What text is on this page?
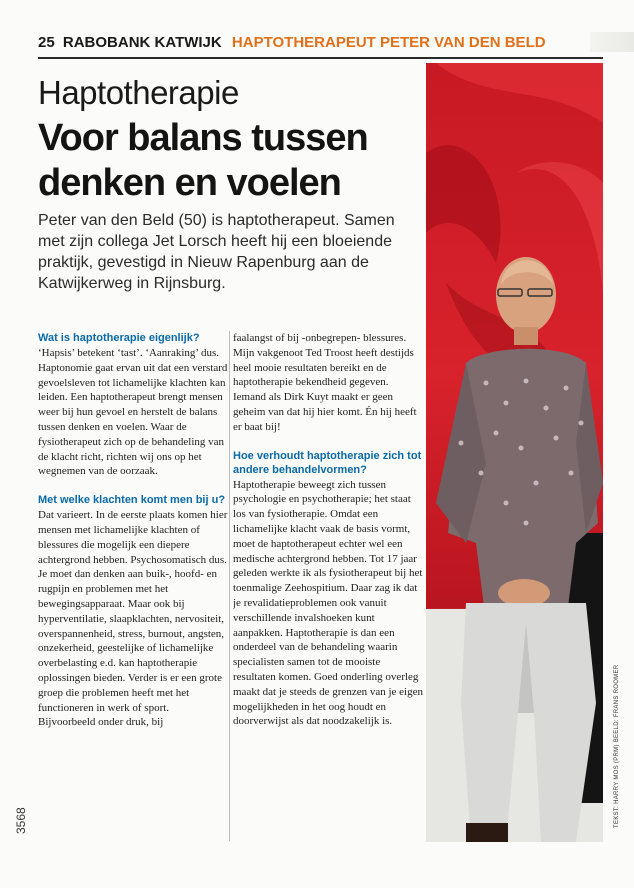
25 RABOBANK KATWIJK HAPTOTHERAPEUT PETER VAN DEN BELD
Haptotherapie
Voor balans tussen denken en voelen
Peter van den Beld (50) is haptotherapeut. Samen met zijn collega Jet Lorsch heeft hij een bloeiende praktijk, gevestigd in Nieuw Rapenburg aan de Katwijkerweg in Rijnsburg.
TEKST: HARRY MOS (PRM) BEELD: FRANS ROOMER
3568
Wat is haptotherapie eigenlijk?

‘Hapsis’ betekent ‘tast’. ‘Aanraking’ dus. Haptonomie gaat ervan uit dat een verstard gevoelsleven tot lichamelijke klachten kan leiden. Een haptotherapeut brengt mensen weer bij hun gevoel en herstelt de balans tussen denken en voelen. Waar de fysiotherapeut zich op de behandeling van de klacht richt, richten wij ons op het wegnemen van de oorzaak.

Met welke klachten komt men bij u?

Dat varieert. In de eerste plaats komen hier mensen met lichamelijke klachten of blessures die mogelijk een diepere achtergrond hebben. Psychosomatisch dus. Je moet dan denken aan buik-, hoofd- en rugpijn en problemen met het bewegingsapparaat. Maar ook bij hyperventilatie, slaapklachten, nervositeit, overspannenheid, stress, burnout, angsten, onzekerheid, geestelijke of lichamelijke overbelasting e.d. kan haptotherapie oplossingen bieden. Verder is er een grote groep die problemen heeft met het functioneren in werk of sport. Bijvoorbeeld onder druk, bij

faalangst of bij -onbegrepen- blessures. Mijn vakgenoot Ted Troost heeft destijds heel mooie resultaten bereikt en de haptotherapie bekendheid gegeven. Iemand als Dirk Kuyt maakt er geen geheim van dat hij hier komt. Én hij heeft er baat bij!

Hoe verhoudt haptotherapie zich tot andere behandelvormen?

Haptotherapie beweegt zich tussen psychologie en psychotherapie; het staat los van fysiotherapie. Omdat een lichamelijke klacht vaak de basis vormt, moet de haptotherapeut echter wel een medische achtergrond hebben. Tot 17 jaar geleden werkte ik als fysiotherapeut bij het toenmalige Zeehospitium. Daar zag ik dat je revalidatieproblemen ook vanuit verschillende invalshoeken kunt aanpakken. Haptotherapie is dan een onderdeel van de behandeling waarin specialisten samen tot de mooiste resultaten komen. Goed onderling overleg maakt dat je steeds de grenzen van je eigen mogelijkheden in het oog houdt en doorverwijst als dat noodzakelijk is.
